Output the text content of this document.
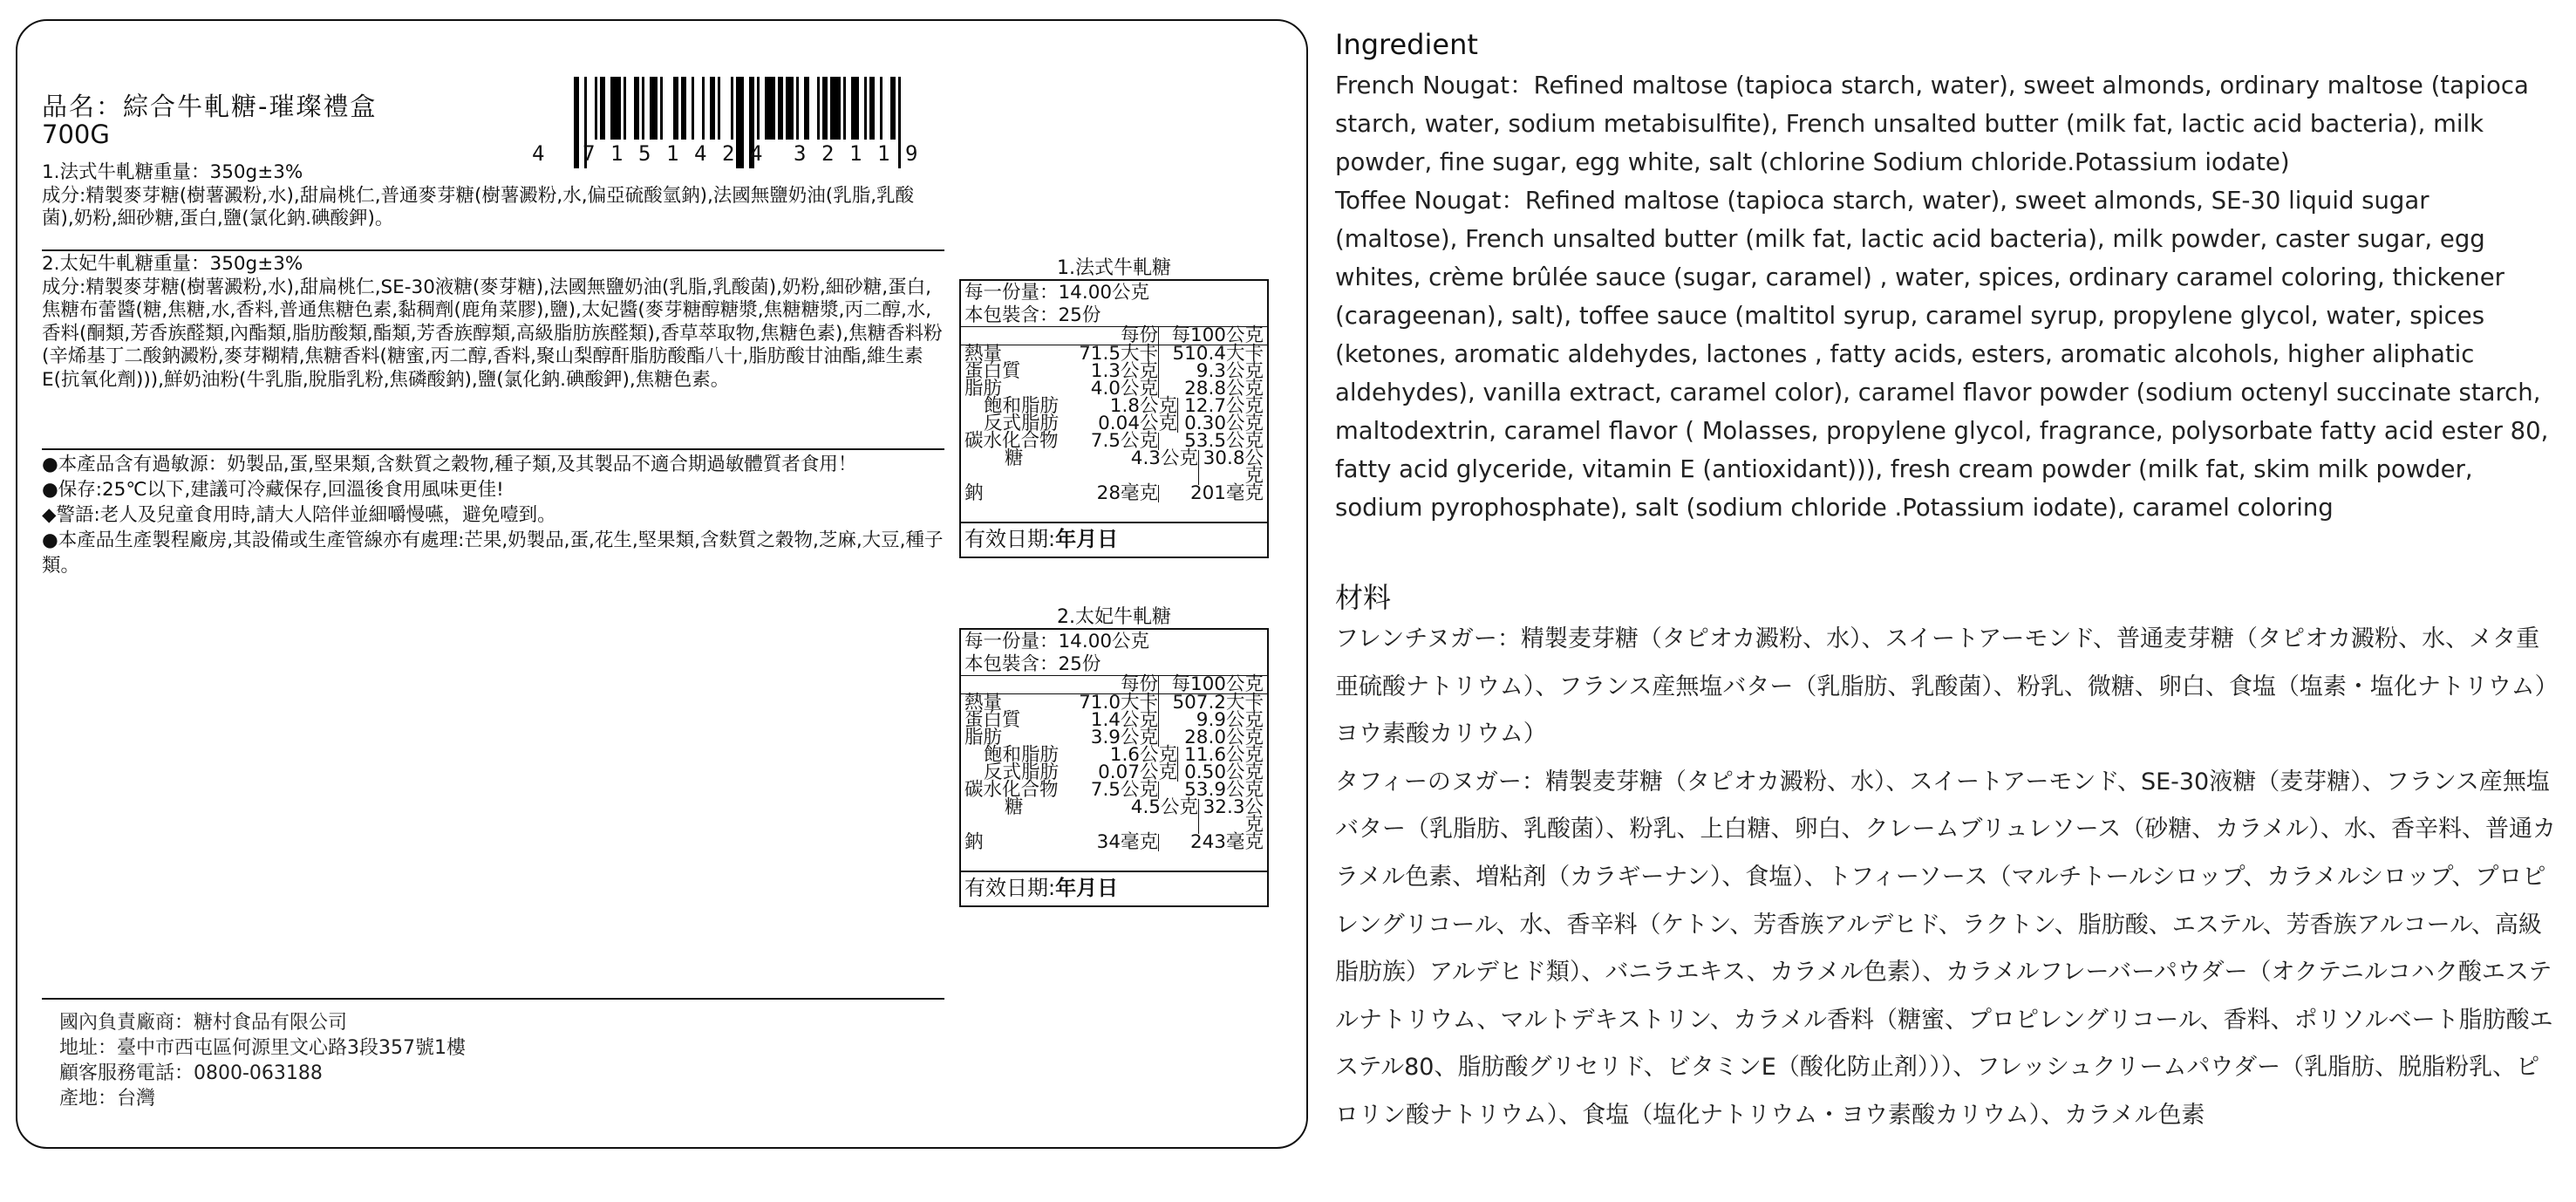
品名：綜合牛軋糖-璀璨禮盒
700G
4 7 1 5 1 4 2 4 3 2 1 1 9

1.法式牛軋糖重量：350g±3%

成分:精製麥芽糖(樹薯澱粉,水),甜扁桃仁,普通麥芽糖(樹薯澱粉,水,偏亞硫酸氫鈉),法國無鹽奶油(乳脂,乳酸菌),奶粉,細砂糖,蛋白,鹽(氯化鈉.碘酸鉀)。

2.太妃牛軋糖重量：350g±3%

成分:精製麥芽糖(樹薯澱粉,水),甜扁桃仁,SE-30液糖(麥芽糖),法國無鹽奶油(乳脂,乳酸菌),奶粉,細砂糖,蛋白,焦糖布蕾醬(糖,焦糖,水,香料,普通焦糖色素,黏稠劑(鹿角菜膠),鹽),太妃醬(麥芽糖醇糖漿,焦糖糖漿,丙二醇,水,香料(酮類,芳香族醛類,內酯類,脂肪酸類,酯類,芳香族醇類,高級脂肪族醛類),香草萃取物,焦糖色素),焦糖香料粉(辛烯基丁二酸鈉澱粉,麥芽糊精,焦糖香料(糖蜜,丙二醇,香料,聚山梨醇酐脂肪酸酯八十,脂肪酸甘油酯,維生素E(抗氧化劑))),鮮奶油粉(牛乳脂,脫脂乳粉,焦磷酸鈉),鹽(氯化鈉.碘酸鉀),焦糖色素。

●本產品含有過敏源：奶製品,蛋,堅果類,含麩質之穀物,種子類,及其製品不適合期過敏體質者食用！

●保存:25℃以下,建議可冷藏保存,回溫後食用風味更佳!

◆警語:老人及兒童食用時,請大人陪伴並細嚼慢嚥，避免噎到。

●本產品生產製程廠房,其設備或生產管線亦有處理:芒果,奶製品,蛋,花生,堅果類,含麩質之穀物,芝麻,大豆,種子類。

1.法式牛軋糖
每一份量：14.00公克
本包裝含：25份
每份 每100公克
熱量	71.5大卡 510.4大卡
蛋白質	1.3公克	9.3公克
脂肪	4.0公克	28.8公克
飽和脂肪	1.8公克 12.7公克
反式脂肪	0.04公克 0.30公克
碳水化合物	7.5公克	53.5公克
糖	4.3公克 30.8公克
鈉	28毫克	201毫克
有效日期:年月日
2.太妃牛軋糖
每一份量：14.00公克
本包裝含：25份
每份 每100公克
熱量	71.0大卡 507.2大卡
蛋白質	1.4公克	9.9公克
脂肪	3.9公克	28.0公克
飽和脂肪	1.6公克 11.6公克
反式脂肪	0.07公克 0.50公克
碳水化合物	7.5公克	53.9公克
糖	4.5公克 32.3公克
鈉	34毫克	243毫克
有效日期:年月日

國內負責廠商：糖村食品有限公司

地址：臺中市西屯區何源里文心路3段357號1樓

顧客服務電話：0800-063188

產地：台灣

Ingredient

French Nougat：Refined maltose (tapioca starch, water), sweet almonds, ordinary maltose (tapioca starch, water, sodium metabisulfite), French unsalted butter (milk fat, lactic acid bacteria), milk powder, fine sugar, egg white, salt (chlorine Sodium chloride.Potassium iodate)

Toffee Nougat：Refined maltose (tapioca starch, water), sweet almonds, SE-30 liquid sugar (maltose), French unsalted butter (milk fat, lactic acid bacteria), milk powder, caster sugar, egg whites, crème brûlée sauce (sugar, caramel) , water, spices, ordinary caramel coloring, thickener (carageenan), salt), toffee sauce (maltitol syrup, caramel syrup, propylene glycol, water, spices (ketones, aromatic aldehydes, lactones , fatty acids, esters, aromatic alcohols, higher aliphatic aldehydes), vanilla extract, caramel color), caramel flavor powder (sodium octenyl succinate starch, maltodextrin, caramel flavor ( Molasses, propylene glycol, fragrance, polysorbate fatty acid ester 80, fatty acid glyceride, vitamin E (antioxidant))), fresh cream powder (milk fat, skim milk powder, sodium pyrophosphate), salt (sodium chloride .Potassium iodate), caramel coloring

材料

フレンチヌガー：精製麦芽糖（タピオカ澱粉、水）、スイートアーモンド、普通麦芽糖（タピオカ澱粉、水、メタ重亜硫酸ナトリウム）、フランス産無塩バター（乳脂肪、乳酸菌）、粉乳、微糖、卵白、食塩（塩素・塩化ナトリウム）ヨウ素酸カリウム）

タフィーのヌガー：精製麦芽糖（タピオカ澱粉、水）、スイートアーモンド、SE-30液糖（麦芽糖）、フランス産無塩バター（乳脂肪、乳酸菌）、粉乳、上白糖、卵白、クレームブリュレソース（砂糖、カラメル）、水、香辛料、普通カラメル色素、増粘剤（カラギーナン）、食塩）、トフィーソース（マルチトールシロップ、カラメルシロップ、プロピレングリコール、水、香辛料（ケトン、芳香族アルデヒド、ラクトン、脂肪酸、エステル、芳香族アルコール、高級脂肪族）アルデヒド類）、バニラエキス、カラメル色素）、カラメルフレーバーパウダー（オクテニルコハク酸エステルナトリウム、マルトデキストリン、カラメル香料（糖蜜、プロピレングリコール、香料、ポリソルベート脂肪酸エステル80、脂肪酸グリセリド、ビタミンE（酸化防止剤）））、フレッシュクリームパウダー（乳脂肪、脱脂粉乳、ピロリン酸ナトリウム）、食塩（塩化ナトリウム・ヨウ素酸カリウム）、カラメル色素
